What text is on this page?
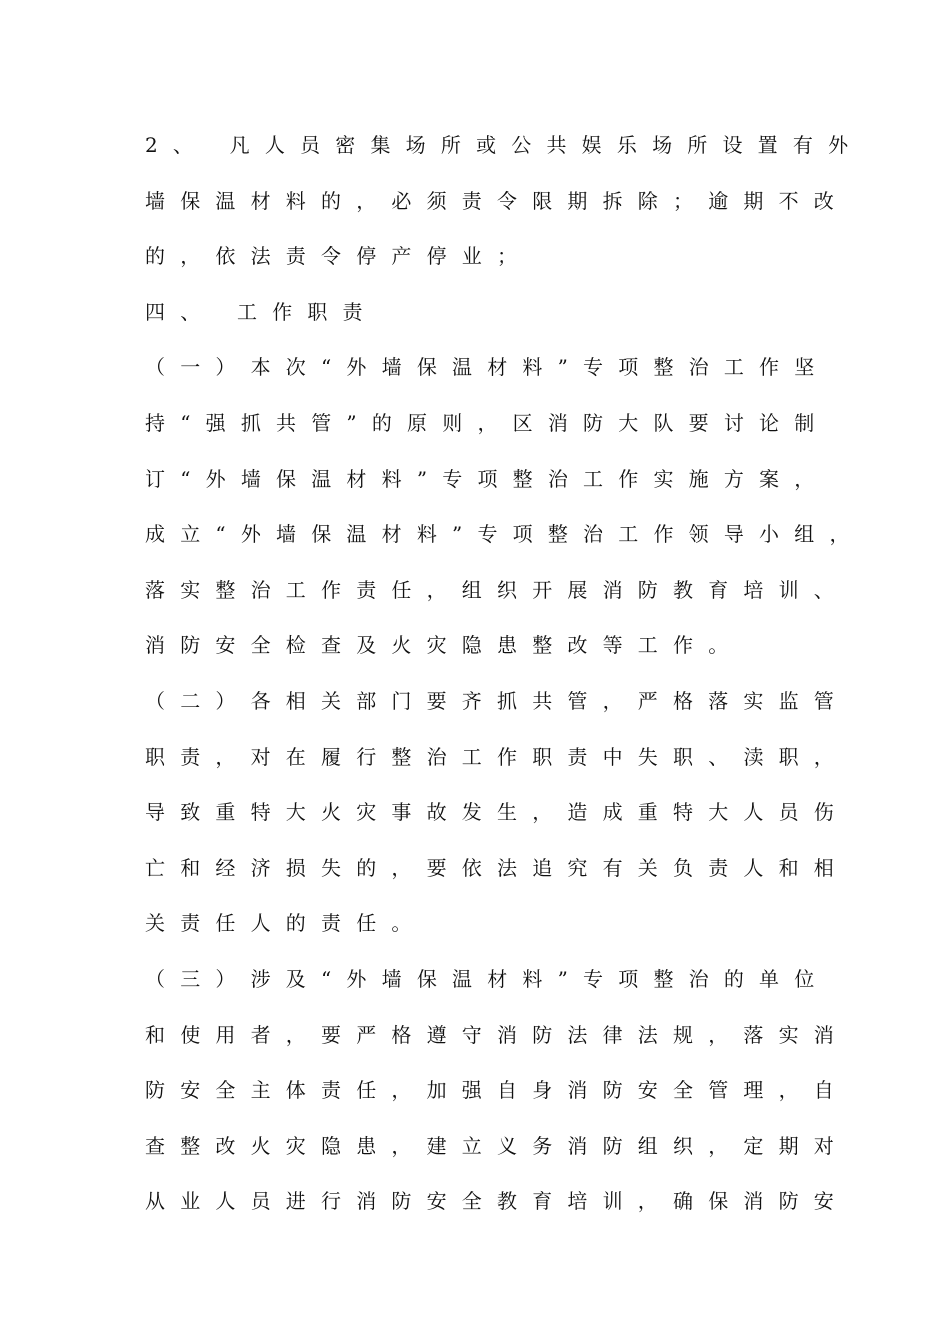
2、 凡人员密集场所或公共娱乐场所设置有外
墙保温材料的，必须责令限期拆除；逾期不改
的，依法责令停产停业；
四、 工作职责
（一）本次“外墙保温材料”专项整治工作坚
持“强抓共管”的原则，区消防大队要讨论制
订“外墙保温材料”专项整治工作实施方案，
成立“外墙保温材料”专项整治工作领导小组，
落实整治工作责任，组织开展消防教育培训、
消防安全检查及火灾隐患整改等工作。
（二）各相关部门要齐抓共管，严格落实监管
职责，对在履行整治工作职责中失职、渎职，
导致重特大火灾事故发生，造成重特大人员伤
亡和经济损失的，要依法追究有关负责人和相
关责任人的责任。
（三）涉及“外墙保温材料”专项整治的单位
和使用者，要严格遵守消防法律法规，落实消
防安全主体责任，加强自身消防安全管理，自
查整改火灾隐患，建立义务消防组织，定期对
从业人员进行消防安全教育培训，确保消防安
